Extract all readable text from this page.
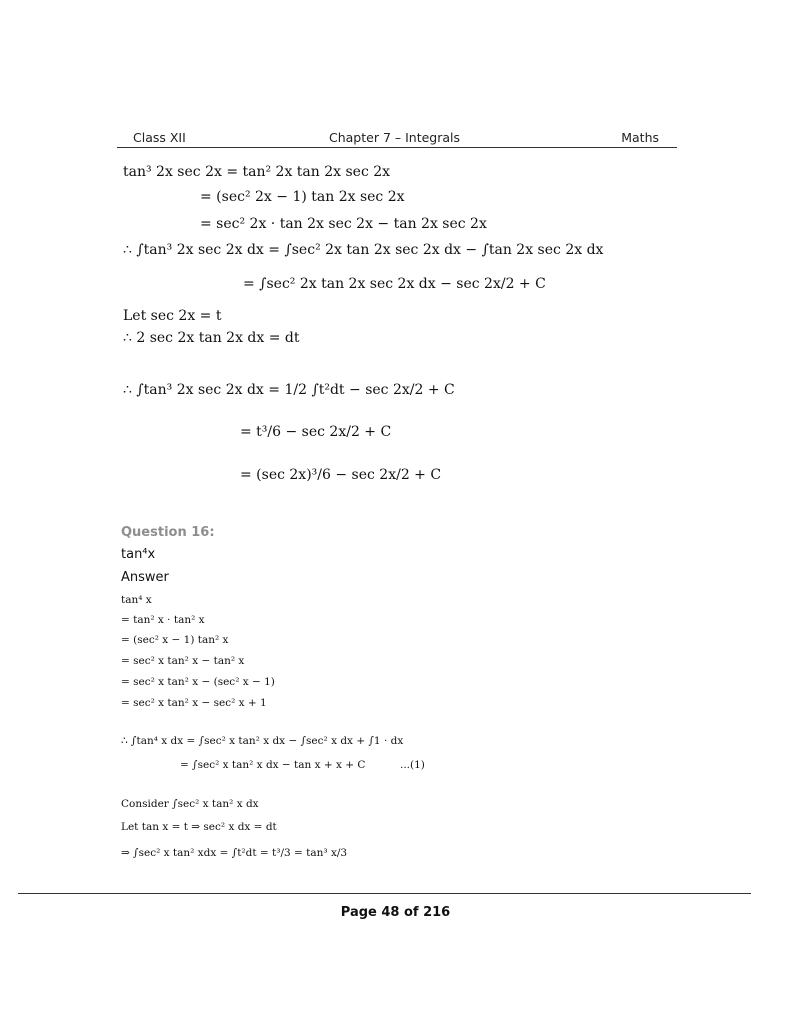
Class XII	Chapter 7 – Integrals	Maths
tan³ 2x sec 2x = tan² 2x tan 2x sec 2x
= (sec² 2x − 1) tan 2x sec 2x
= sec² 2x · tan 2x sec 2x − tan 2x sec 2x
∴ ∫tan³ 2x sec 2x dx = ∫sec² 2x tan 2x sec 2x dx − ∫tan 2x sec 2x dx
= ∫sec² 2x tan 2x sec 2x dx − sec 2x/2 + C
Let sec 2x = t
∴ 2 sec 2x tan 2x dx = dt
∴ ∫tan³ 2x sec 2x dx = 1/2 ∫t²dt − sec 2x/2 + C
= t³/6 − sec 2x/2 + C
= (sec 2x)³/6 − sec 2x/2 + C
Question 16:
tan⁴x
Answer
tan⁴ x
= tan² x · tan² x
= (sec² x − 1) tan² x
= sec² x tan² x − tan² x
= sec² x tan² x − (sec² x − 1)
= sec² x tan² x − sec² x + 1
∴ ∫tan⁴ x dx = ∫sec² x tan² x dx − ∫sec² x dx + ∫1 · dx
= ∫sec² x tan² x dx − tan x + x + C	...(1)
Consider ∫sec² x tan² x dx
Let tan x = t ⇒ sec² x dx = dt
⇒ ∫sec² x tan² xdx = ∫t²dt = t³/3 = tan³ x/3
Page 48 of 216
